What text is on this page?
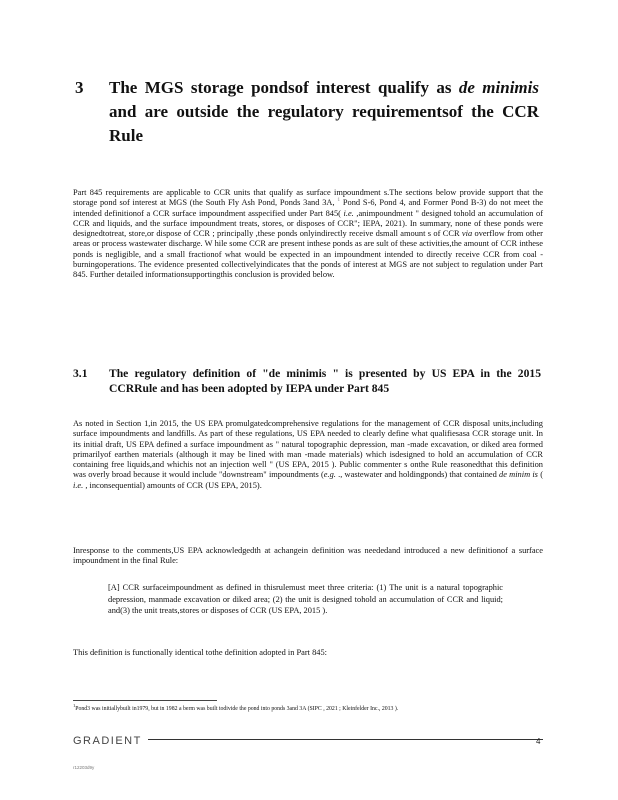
3 The MGS storage pondsof interest qualify as de minimis and are outside the regulatory requirementsof the CCR Rule
Part 845 requirements are applicable to CCR units that qualify as surface impoundment s.The sections below provide support that the storage pond sof interest at MGS (the South Fly Ash Pond, Ponds 3and 3A, $^1$ Pond S-6, Pond 4, and Former Pond B-3) do not meet the intended definitionof a CCR surface impoundment asspecified under Part 845( i.e. ,animpoundment " designed tohold an accumulation of CCR and liquids, and the surface impoundment treats, stores, or disposes of CCR"; IEPA, 2021). In summary, none of these ponds were designedtotreat, store,or dispose of CCR ; principally ,these ponds onlyindirectly receive dsmall amount s of CCR via overflow from other areas or process wastewater discharge. W hile some CCR are present inthese ponds as are sult of these activities,the amount of CCR inthese ponds is negligible, and a small fractionof what would be expected in an impoundment intended to directly receive CCR from coal -burningoperations. The evidence presented collectivelyindicates that the ponds of interest at MGS are not subject to regulation under Part 845. Further detailed informationsupportingthis conclusion is provided below.
3.1 The regulatory definition of "de minimis " is presented by US EPA in the 2015 CCRRule and has been adopted by IEPA under Part 845
As noted in Section 1,in 2015, the US EPA promulgatedcomprehensive regulations for the management of CCR disposal units,including surface impoundments and landfills. As part of these regulations, US EPA needed to clearly define what qualifiesasa CCR storage unit. In its initial draft, US EPA defined a surface impoundment as " natural topographic depression, man -made excavation, or diked area formed primarilyof earthen materials (although it may be lined with man -made materials) which isdesigned to hold an accumulation of CCR containing free liquids,and whichis not an injection well " (US EPA, 2015 ). Public commenter s onthe Rule reasonedthat this definition was overly broad because it would include "downstream" impoundments (e.g. ., wastewater and holdingponds) that contained de minim is ( i.e. , inconsequential) amounts of CCR (US EPA, 2015).
Inresponse to the comments,US EPA acknowledgedth at achangein definition was neededand introduced a new definitionof a surface impoundment in the final Rule:
[A] CCR surfaceimpoundment as defined in thisrulemust meet three criteria: (1) The unit is a natural topographic depression, manmade excavation or diked area; (2) the unit is designed tohold an accumulation of CCR and liquid; and(3) the unit treats,stores or disposes of CCR (US EPA, 2015 ).
This definition is functionally identical tothe definition adopted in Part 845:
$^1$Pond3 was initiallybuilt in1979, but in 1982 a berm was built todivide the pond into ponds 3and 3A (SIPC , 2021 ; Kleinfelder Inc., 2013 ).
GRADIENT	4
r12203d9y
